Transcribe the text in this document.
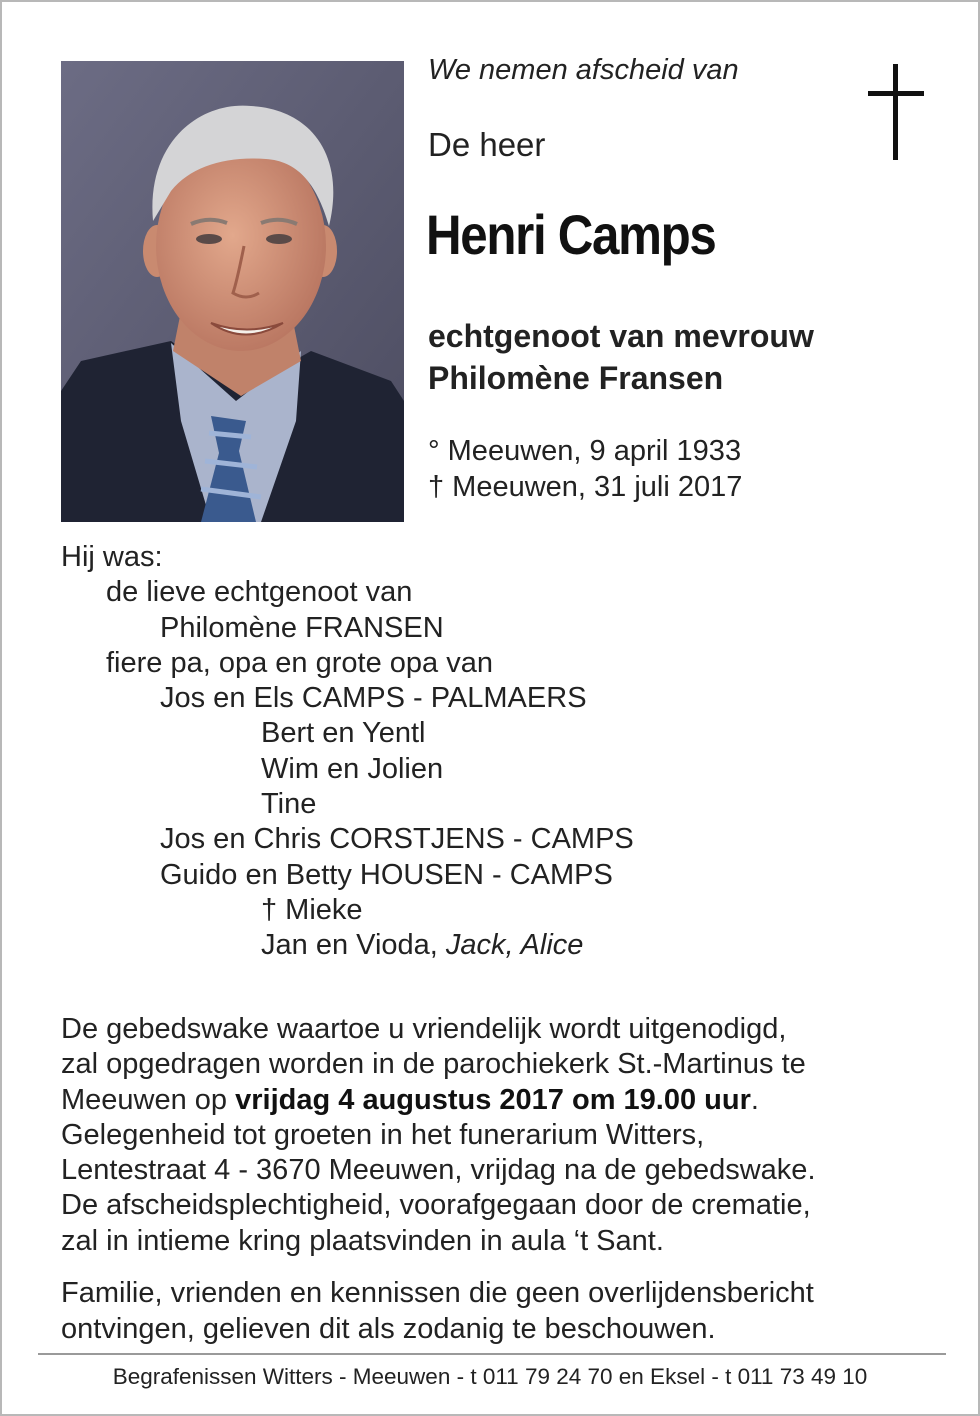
We nemen afscheid van
De heer
Henri Camps
echtgenoot van mevrouw
Philomène Fransen
° Meeuwen, 9 april 1933
† Meeuwen, 31 juli 2017
Hij was:
de lieve echtgenoot van
Philomène FRANSEN
fiere pa, opa en grote opa van
Jos en Els CAMPS - PALMAERS
Bert en Yentl
Wim en Jolien
Tine
Jos en Chris CORSTJENS - CAMPS
Guido en Betty HOUSEN - CAMPS
† Mieke
Jan en Vioda, Jack, Alice
De gebedswake waartoe u vriendelijk wordt uitgenodigd,
zal opgedragen worden in de parochiekerk St.-Martinus te
Meeuwen op vrijdag 4 augustus 2017 om 19.00 uur.
Gelegenheid tot groeten in het funerarium Witters,
Lentestraat 4 - 3670 Meeuwen, vrijdag na de gebedswake.
De afscheidsplechtigheid, voorafgegaan door de crematie,
zal in intieme kring plaatsvinden in aula ‘t Sant.
Familie, vrienden en kennissen die geen overlijdensbericht
ontvingen, gelieven dit als zodanig te beschouwen.
Begrafenissen Witters - Meeuwen - t 011 79 24 70 en Eksel - t 011 73 49 10
